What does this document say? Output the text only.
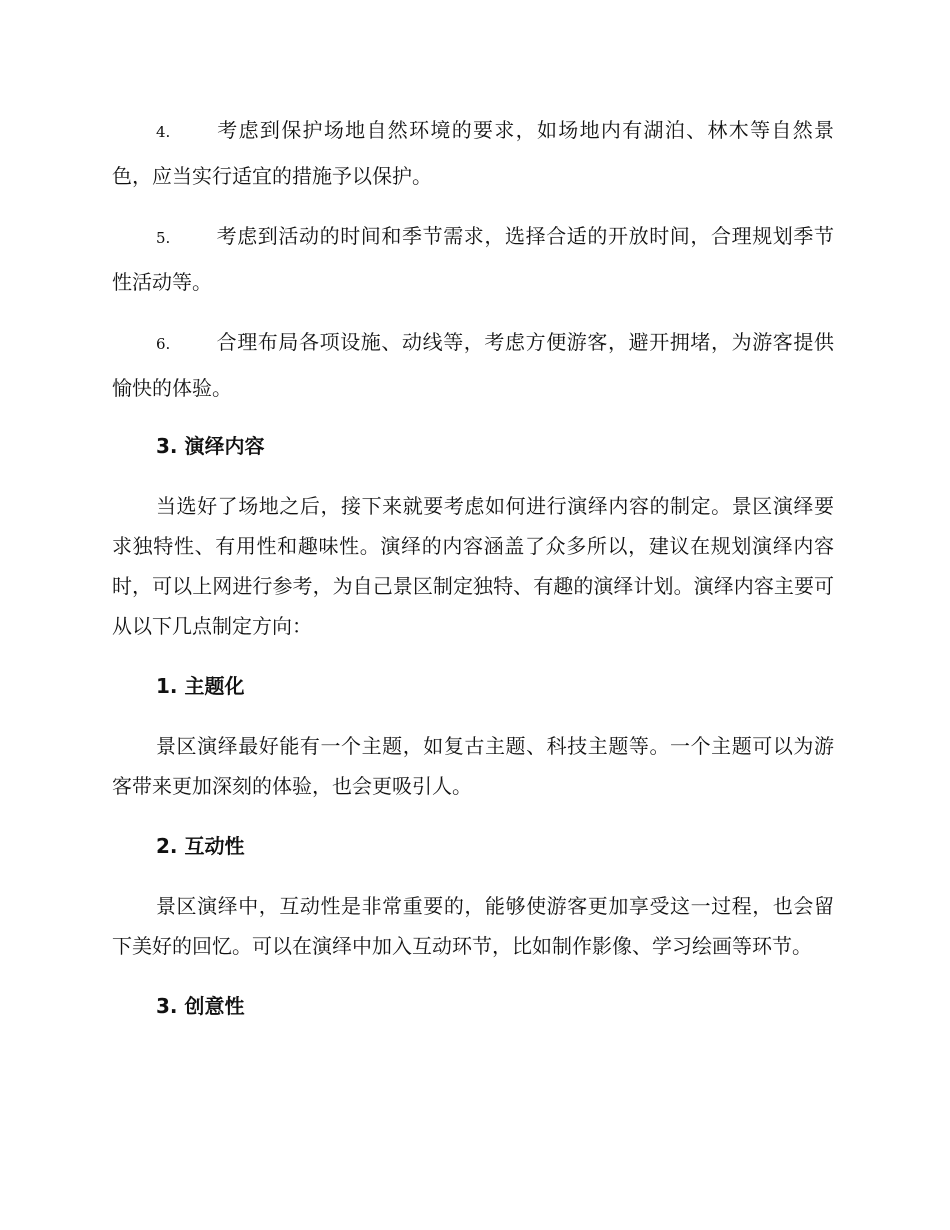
4. 考虑到保护场地自然环境的要求，如场地内有湖泊、林木等自然景色，应当实行适宜的措施予以保护。

5. 考虑到活动的时间和季节需求，选择合适的开放时间，合理规划季节性活动等。

6. 合理布局各项设施、动线等，考虑方便游客，避开拥堵，为游客提供愉快的体验。

3. 演绎内容

当选好了场地之后，接下来就要考虑如何进行演绎内容的制定。景区演绎要求独特性、有用性和趣味性。演绎的内容涵盖了众多所以，建议在规划演绎内容时，可以上网进行参考，为自己景区制定独特、有趣的演绎计划。演绎内容主要可从以下几点制定方向：

1. 主题化

景区演绎最好能有一个主题，如复古主题、科技主题等。一个主题可以为游客带来更加深刻的体验，也会更吸引人。

2. 互动性

景区演绎中，互动性是非常重要的，能够使游客更加享受这一过程，也会留下美好的回忆。可以在演绎中加入互动环节，比如制作影像、学习绘画等环节。

3. 创意性
